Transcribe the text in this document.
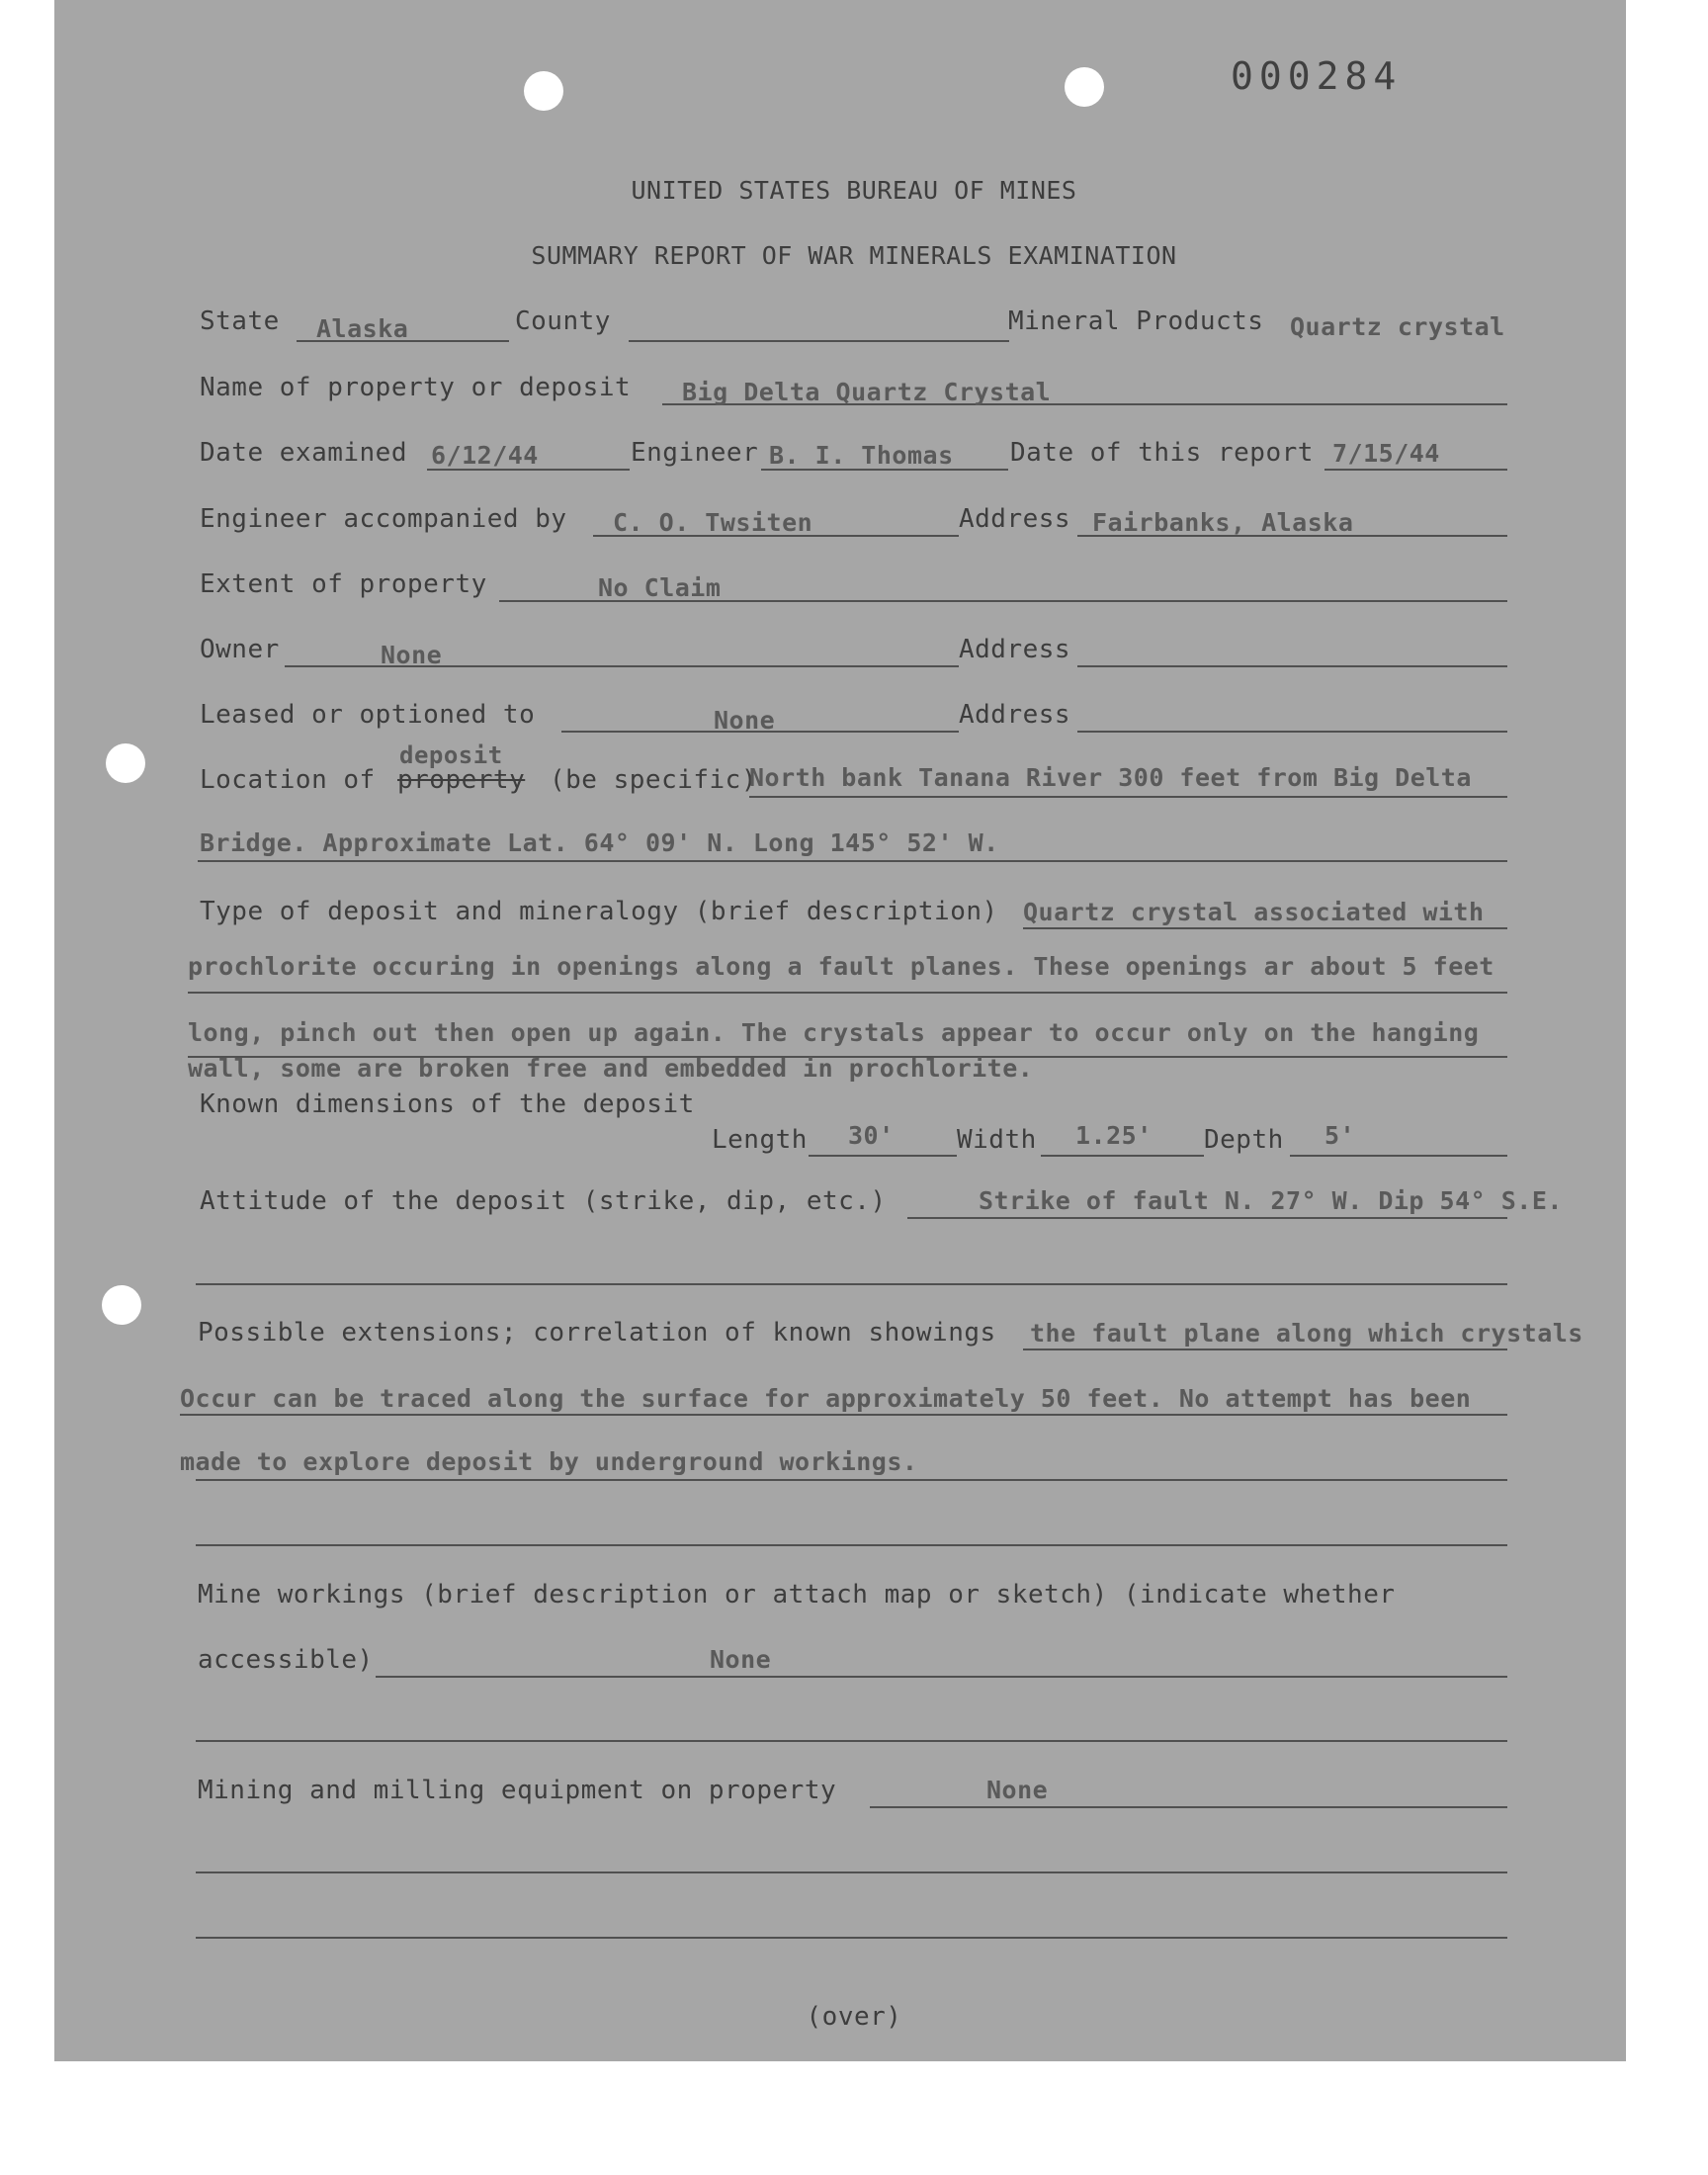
000284
UNITED STATES BUREAU OF MINES
SUMMARY REPORT OF WAR MINERALS EXAMINATION
State Alaska	County	Mineral Products Quartz crystal
Name of property or deposit Big Delta Quartz Crystal
Date examined 6/12/44	Engineer B. I. Thomas Date of this report 7/15/44
Engineer accompanied by C. O. Twsiten	Address Fairbanks, Alaska
Extent of property	No Claim
Owner	None	Address
Leased or optioned to	None	Address
Location of property
deposit
(be specific)
North bank Tanana River 300 feet from Big Delta
Bridge. Approximate Lat. 64° 09' N. Long 145° 52' W.
Type of deposit and mineralogy (brief description) Quartz crystal associated with
prochlorite occuring in openings along a fault planes. These openings ar about 5 feet
long, pinch out then open up again. The crystals appear to occur only on the hanging
wall, some are broken free and embedded in prochlorite.
Known dimensions of the deposit
Length 30' Width 1.25' Depth 5'
Attitude of the deposit (strike, dip, etc.)	Strike of fault N. 27° W. Dip 54° S.E.
Possible extensions; correlation of known showings the fault plane along which crystals
Occur can be traced along the surface for approximately 50 feet. No attempt has been
made to explore deposit by underground workings.
Mine workings (brief description or attach map or sketch) (indicate whether
accessible)	None
Mining and milling equipment on property	None
(over)
